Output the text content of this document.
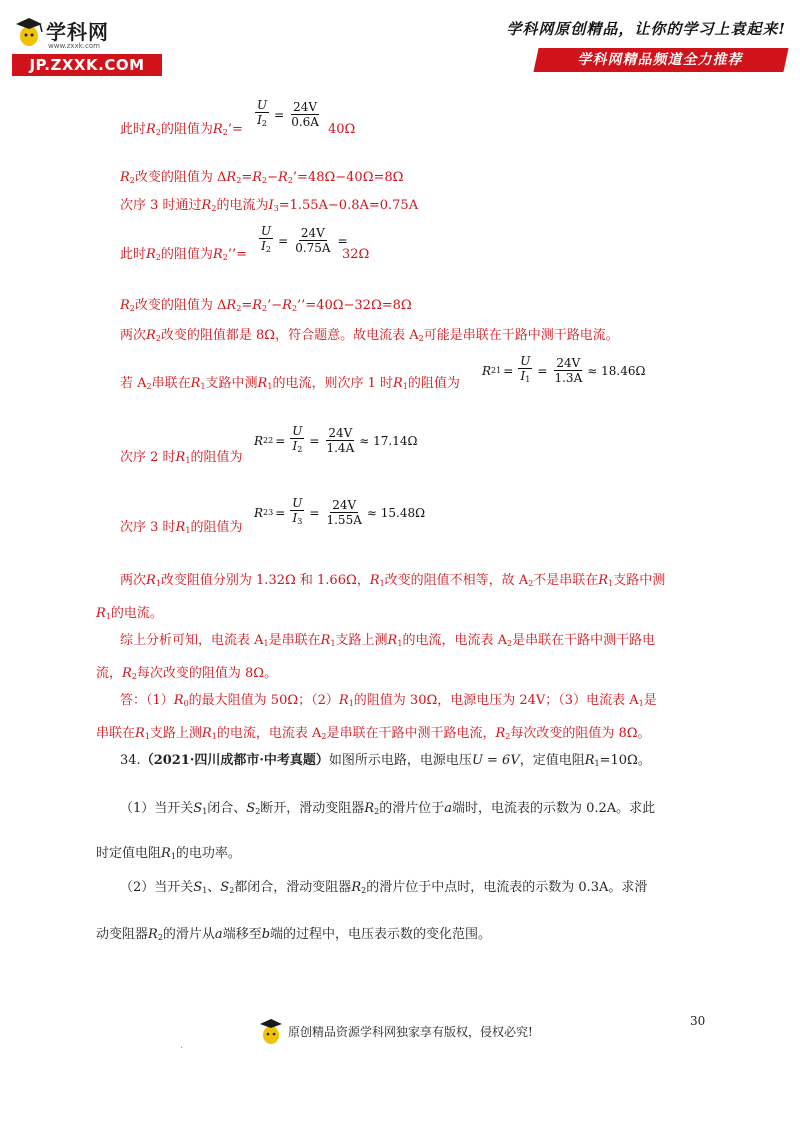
学科网
www.zxxk.com
JP.ZXXK.COM
学科网原创精品，让你的学习上袁起来!
学科网精品频道全力推荐
此时$R_2$的阻值为$R_2’= \frac{U}{I_2} = \frac{24V}{0.6A}$
40Ω
$R_2$改变的阻值为 $\Delta R_2=R_2-R_2’=48\Omega-40\Omega=8\Omega$
次序 3 时通过$R_2$的电流为$I_3=1.55A-0.8A=0.75A$
此时$R_2$的阻值为$R_2’’= \frac{U}{I_2} = \frac{24V}{0.75A}$ =
32Ω
$R_2$改变的阻值为 $\Delta R_2=R_2’-R_2’’=40\Omega-32\Omega=8\Omega$
两次$R_2$改变的阻值都是 8Ω，符合题意。故电流表 $A_2$可能是串联在干路中测干路电流。
若 $A_2$串联在$R_1$支路中测$R_1$的电流，则次序 1 时$R_1$的阻值为
R $21 = \frac{U}{I_1} = \frac{24V}{1.3A} \approx 18.46\Omega$
次序 2 时$R_1$的阻值为
R $22 = \frac{U}{I_2} = \frac{24V}{1.4A} \approx 17.14\Omega$
次序 3 时$R_1$的阻值为
R $23 = \frac{U}{I_3} = \frac{24V}{1.55A} \approx 15.48\Omega$
两次$R_1$改变阻值分别为 1.32Ω 和 1.66Ω，$R_1$改变的阻值不相等，故 $A_2$不是串联在$R_1$支路中测
$R_1$的电流。
综上分析可知，电流表 $A_1$是串联在$R_1$支路上测$R_1$的电流，电流表 $A_2$是串联在干路中测干路电
流，$R_2$每次改变的阻值为 8Ω。
答：$(1)R_0$的最大阻值为 50Ω；$(2)R_1$的阻值为 30Ω，电源电压为 24V；（3）电流表 $A_1$是
串联在$R_1$支路上测$R_1$的电流，电流表 $A_2$是串联在干路中测干路电流，$R_2$每次改变的阻值为 8Ω。
34.（2021·四川成都市·中考真题）如图所示电路，电源电压U = 6V，定值电阻$R_1=10\Omega$。
（1）当开关$S_1$闭合、$S_2$断开，滑动变阻器$R_2$的滑片位于a端时，电流表的示数为 0.2A。求此
时定值电阻$R_1$的电功率。
（2）当开关$S_1$、$S_2$都闭合，滑动变阻器$R_2$的滑片位于中点时，电流表的示数为 0.3A。求滑
动变阻器$R_2$的滑片从a端移至b端的过程中，电压表示数的变化范围。
.
原创精品资源学科网独家享有版权，侵权必究!
30
